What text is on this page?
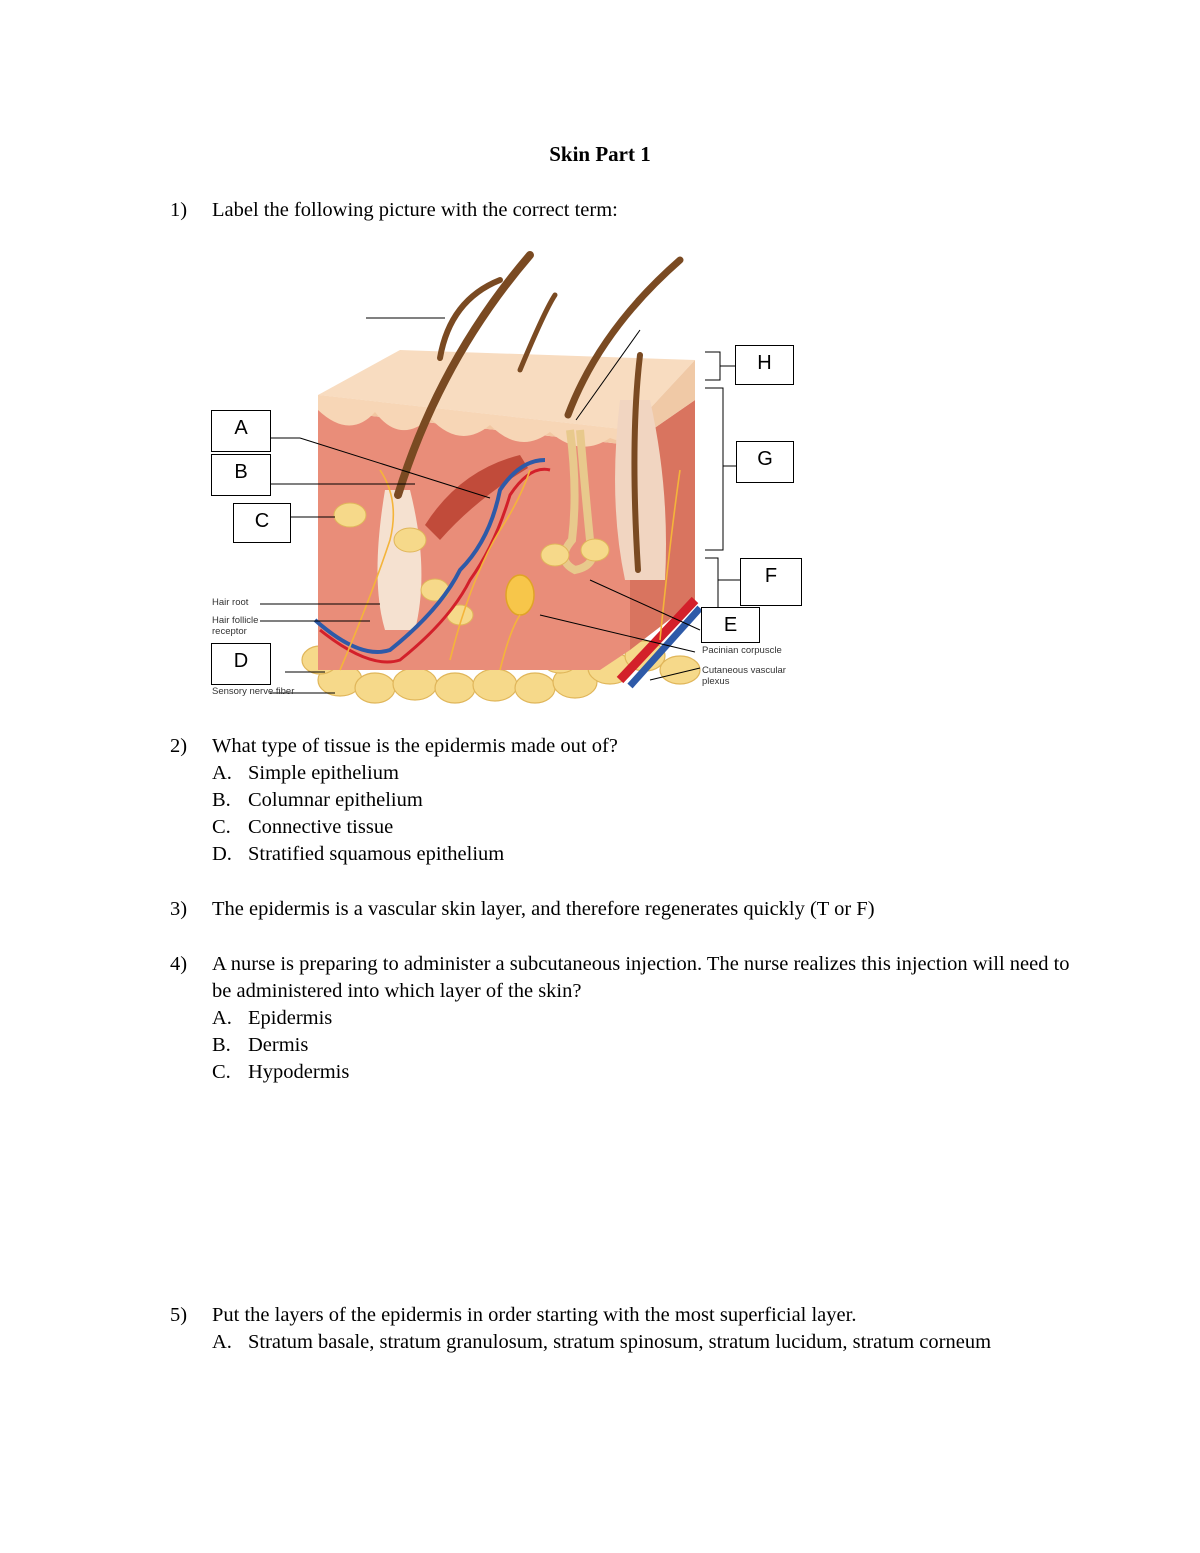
Skin Part 1
1) Label the following picture with the correct term:
A
B
C
D
E
F
G
H
Hair root
Hair follicle receptor
Sensory nerve fiber
Pacinian corpuscle
Cutaneous vascular plexus
2) What type of tissue is the epidermis made out of?
A. Simple epithelium
B. Columnar epithelium
C. Connective tissue
D. Stratified squamous epithelium
3) The epidermis is a vascular skin layer, and therefore regenerates quickly (T or F)
4) A nurse is preparing to administer a subcutaneous injection. The nurse realizes this injection will need to be administered into which layer of the skin?
A. Epidermis
B. Dermis
C. Hypodermis
5) Put the layers of the epidermis in order starting with the most superficial layer.
A. Stratum basale, stratum granulosum, stratum spinosum, stratum lucidum, stratum corneum
